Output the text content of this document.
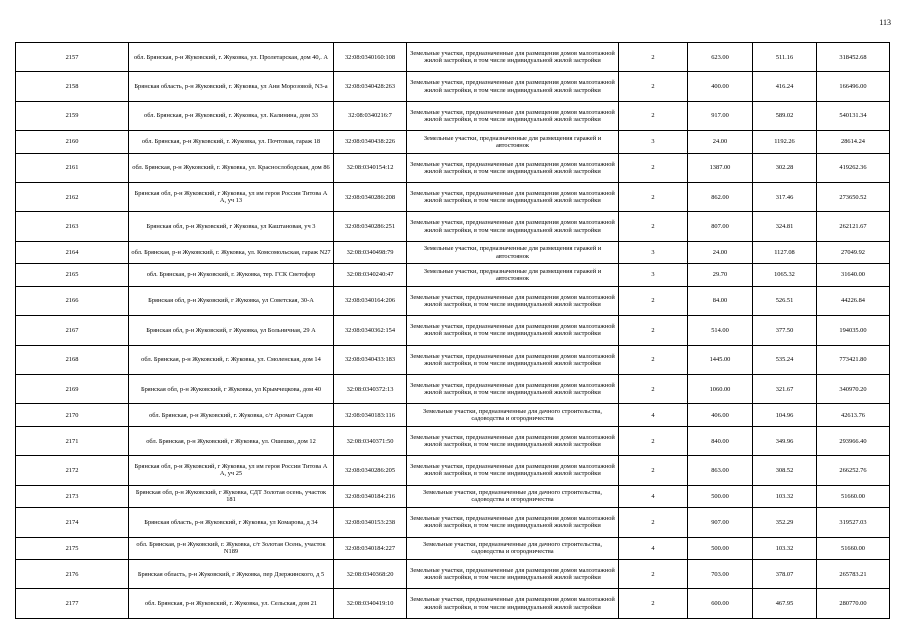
113
2157	обл. Брянская, р-н Жуковский, г. Жуковка, ул. Пролетарская, дом 40,. А	32:08:0340160:108	Земельные участки, предназначенные для размещения домов малоэтажной жилой застройки, в том числе индивидуальной жилой застройки	2	623.00	511.16	318452.68
2158	Брянская область, р-н Жуковский, г. Жуковка, ул Ани Морозовой, N3-а	32:08:0340428:263	Земельные участки, предназначенные для размещения домов малоэтажной жилой застройки, в том числе индивидуальной жилой застройки	2	400.00	416.24	166496.00
2159	обл. Брянская, р-н Жуковский, г. Жуковка, ул. Калинина, дом 33	32:08:0340216:7	Земельные участки, предназначенные для размещения домов малоэтажной жилой застройки, в том числе индивидуальной жилой застройки	2	917.00	589.02	540131.34
2160	обл. Брянская, р-н Жуковский, г. Жуковка, ул. Почтовая, гараж 18	32:08:0340438:226	Земельные участки, предназначенные для размещения гаражей и автостоянок	3	24.00	1192.26	28614.24
2161	обл. Брянская, р-н Жуковский, г. Жуковка, ул. Краснослободская, дом 86	32:08:0340154:12	Земельные участки, предназначенные для размещения домов малоэтажной жилой застройки, в том числе индивидуальной жилой застройки	2	1387.00	302.28	419262.36
2162	Брянская обл, р-н Жуковский, г Жуковка, ул им героя России Титова А А, уч 13	32:08:0340286:208	Земельные участки, предназначенные для размещения домов малоэтажной жилой застройки, в том числе индивидуальной жилой застройки	2	862.00	317.46	273650.52
2163	Брянская обл, р-н Жуковский, г Жуковка, ул Каштановая, уч 3	32:08:0340286:251	Земельные участки, предназначенные для размещения домов малоэтажной жилой застройки, в том числе индивидуальной жилой застройки	2	807.00	324.81	262121.67
2164	обл. Брянская, р-н Жуковский, г. Жуковка, ул. Комсомольская, гараж N27	32:08:0340498:79	Земельные участки, предназначенные для размещения гаражей и автостоянок	3	24.00	1127.08	27049.92
2165	обл. Брянская, р-н Жуковский, г. Жуковка, тер. ГСК Светофор	32:08:0340240:47	Земельные участки, предназначенные для размещения гаражей и автостоянок	3	29.70	1065.32	31640.00
2166	Брянская обл, р-н Жуковский, г Жуковка, ул Советская, 30-А	32:08:0340164:206	Земельные участки, предназначенные для размещения домов малоэтажной жилой застройки, в том числе индивидуальной жилой застройки	2	84.00	526.51	44226.84
2167	Брянская обл, р-н Жуковский, г Жуковка, ул Больничная, 29 А	32:08:0340362:154	Земельные участки, предназначенные для размещения домов малоэтажной жилой застройки, в том числе индивидуальной жилой застройки	2	514.00	377.50	194035.00
2168	обл. Брянская, р-н Жуковский, г. Жуковка, ул. Смоленская, дом 14	32:08:0340433:183	Земельные участки, предназначенные для размещения домов малоэтажной жилой застройки, в том числе индивидуальной жилой застройки	2	1445.00	535.24	773421.80
2169	Брянская обл, р-н Жуковский, г Жуковка, ул Крымчецкова, дом 40	32:08:0340372:13	Земельные участки, предназначенные для размещения домов малоэтажной жилой застройки, в том числе индивидуальной жилой застройки	2	1060.00	321.67	340970.20
2170	обл. Брянская, р-н Жуковский, г. Жуковка, с/т Аромат Садов	32:08:0340183:116	Земельные участки, предназначенные для дачного строительства, садоводства и огородничества	4	406.00	104.96	42613.76
2171	обл. Брянская, р-н Жуковский, г Жуковка, ул. Ошешко, дом 12	32:08:0340371:50	Земельные участки, предназначенные для размещения домов малоэтажной жилой застройки, в том числе индивидуальной жилой застройки	2	840.00	349.96	293966.40
2172	Брянская обл, р-н Жуковский, г Жуковка, ул им героя России Титова А А, уч 25	32:08:0340286:205	Земельные участки, предназначенные для размещения домов малоэтажной жилой застройки, в том числе индивидуальной жилой застройки	2	863.00	308.52	266252.76
2173	Брянская обл, р-н Жуковский, г Жуковка, СДТ Золотая осень, участок 181	32:08:0340184:216	Земельные участки, предназначенные для дачного строительства, садоводства и огородничества	4	500.00	103.32	51660.00
2174	Брянская область, р-н Жуковский, г Жуковка, ул Комарова, д 34	32:08:0340153:238	Земельные участки, предназначенные для размещения домов малоэтажной жилой застройки, в том числе индивидуальной жилой застройки	2	907.00	352.29	319527.03
2175	обл. Брянская, р-н Жуковский, г. Жуковка, с/т Золотая Осень, участок N189	32:08:0340184:227	Земельные участки, предназначенные для дачного строительства, садоводства и огородничества	4	500.00	103.32	51660.00
2176	Брянская область, р-н Жуковский, г Жуковка, пер Дзержинского, д 5	32:08:0340368:20	Земельные участки, предназначенные для размещения домов малоэтажной жилой застройки, в том числе индивидуальной жилой застройки	2	703.00	378.07	265783.21
2177	обл. Брянская, р-н Жуковский, г. Жуковка, ул. Сельская, дом 21	32:08:0340419:10	Земельные участки, предназначенные для размещения домов малоэтажной жилой застройки, в том числе индивидуальной жилой застройки	2	600.00	467.95	280770.00
